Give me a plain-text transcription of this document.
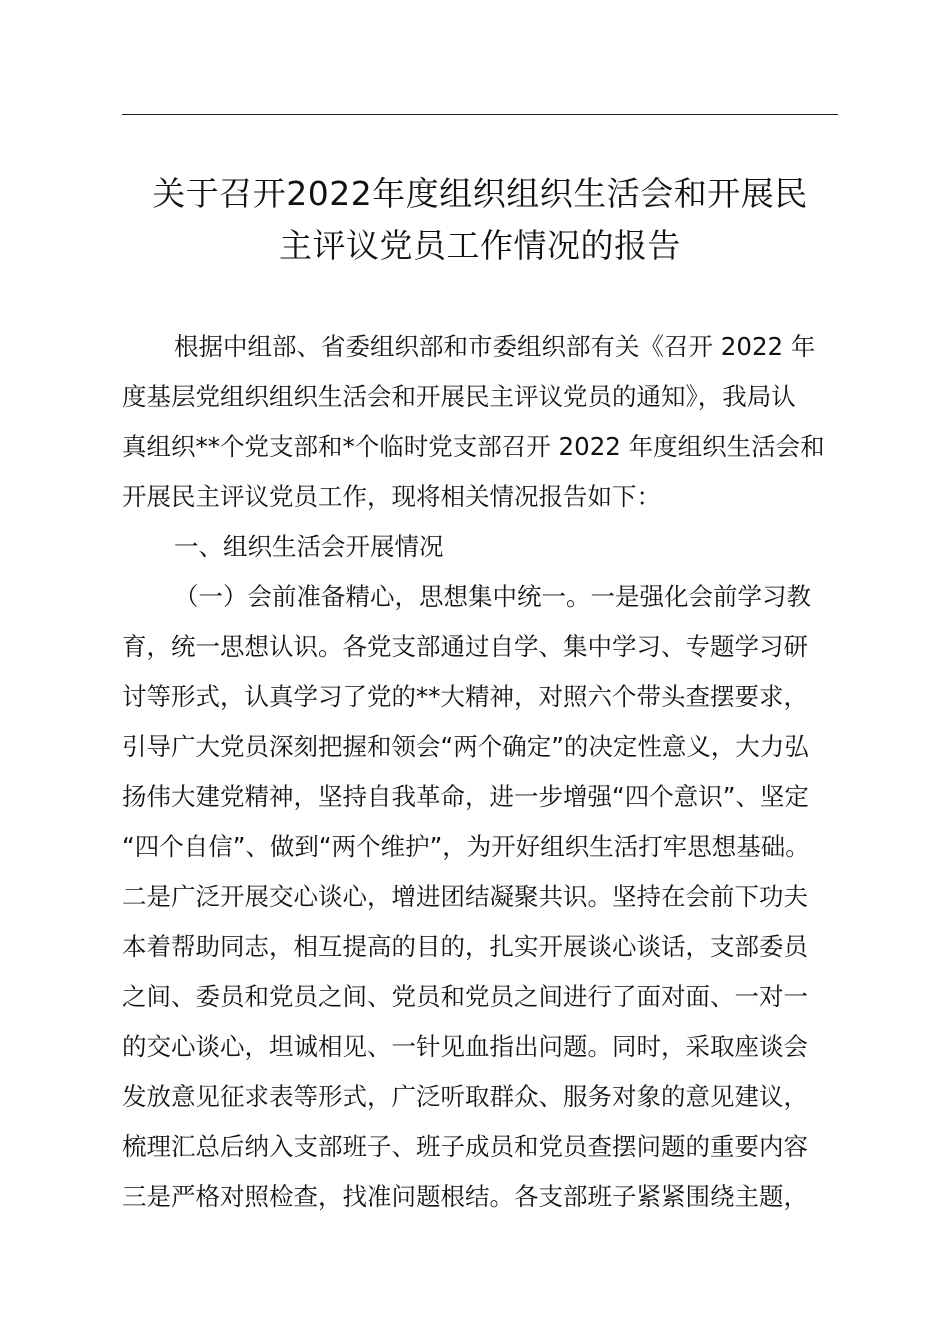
关于召开2022年度组织组织生活会和开展民
主评议党员工作情况的报告
根据中组部、省委组织部和市委组织部有关《召开 2022 年
度基层党组织组织生活会和开展民主评议党员的通知》，我局认
真组织**个党支部和*个临时党支部召开 2022 年度组织生活会和
开展民主评议党员工作，现将相关情况报告如下：
一、组织生活会开展情况
（一）会前准备精心，思想集中统一。一是强化会前学习教
育，统一思想认识。各党支部通过自学、集中学习、专题学习研
讨等形式，认真学习了党的**大精神，对照六个带头查摆要求，
引导广大党员深刻把握和领会“两个确定”的决定性意义，大力弘
扬伟大建党精神，坚持自我革命，进一步增强“四个意识”、坚定
“四个自信”、做到“两个维护”，为开好组织生活打牢思想基础。
二是广泛开展交心谈心，增进团结凝聚共识。坚持在会前下功夫
本着帮助同志，相互提高的目的，扎实开展谈心谈话，支部委员
之间、委员和党员之间、党员和党员之间进行了面对面、一对一
的交心谈心，坦诚相见、一针见血指出问题。同时，采取座谈会
发放意见征求表等形式，广泛听取群众、服务对象的意见建议，
梳理汇总后纳入支部班子、班子成员和党员查摆问题的重要内容
三是严格对照检查，找准问题根结。各支部班子紧紧围绕主题，
